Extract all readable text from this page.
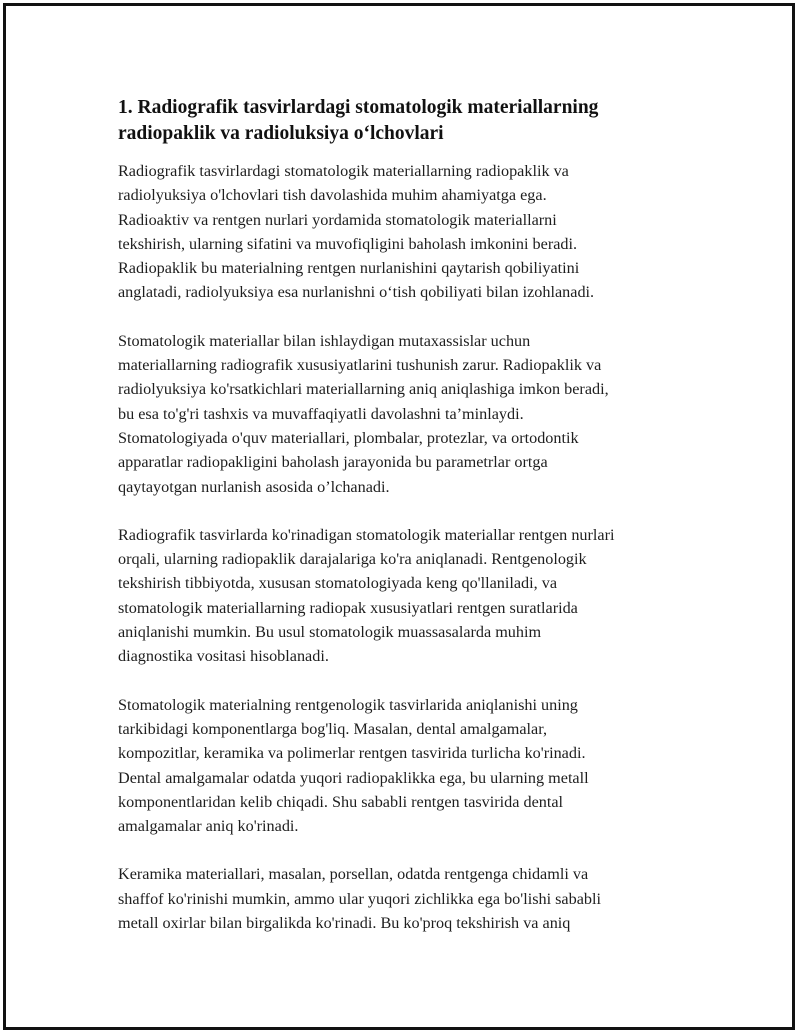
1. Radiografik tasvirlardagi stomatologik materiallarning
radiopaklik va radioluksiya o‘lchovlari

Radiografik tasvirlardagi stomatologik materiallarning radiopaklik va
radiolyuksiya o'lchovlari tish davolashida muhim ahamiyatga ega.
Radioaktiv va rentgen nurlari yordamida stomatologik materiallarni
tekshirish, ularning sifatini va muvofiqligini baholash imkonini beradi.
Radiopaklik bu materialning rentgen nurlanishini qaytarish qobiliyatini
anglatadi, radiolyuksiya esa nurlanishni o‘tish qobiliyati bilan izohlanadi.

Stomatologik materiallar bilan ishlaydigan mutaxassislar uchun
materiallarning radiografik xususiyatlarini tushunish zarur. Radiopaklik va
radiolyuksiya ko'rsatkichlari materiallarning aniq aniqlashiga imkon beradi,
bu esa to'g'ri tashxis va muvaffaqiyatli davolashni ta’minlaydi.
Stomatologiyada o'quv materiallari, plombalar, protezlar, va ortodontik
apparatlar radiopakligini baholash jarayonida bu parametrlar ortga
qaytayotgan nurlanish asosida o’lchanadi.

Radiografik tasvirlarda ko'rinadigan stomatologik materiallar rentgen nurlari
orqali, ularning radiopaklik darajalariga ko'ra aniqlanadi. Rentgenologik
tekshirish tibbiyotda, xususan stomatologiyada keng qo'llaniladi, va
stomatologik materiallarning radiopak xususiyatlari rentgen suratlarida
aniqlanishi mumkin. Bu usul stomatologik muassasalarda muhim
diagnostika vositasi hisoblanadi.

Stomatologik materialning rentgenologik tasvirlarida aniqlanishi uning
tarkibidagi komponentlarga bog'liq. Masalan, dental amalgamalar,
kompozitlar, keramika va polimerlar rentgen tasvirida turlicha ko'rinadi.
Dental amalgamalar odatda yuqori radiopaklikka ega, bu ularning metall
komponentlaridan kelib chiqadi. Shu sababli rentgen tasvirida dental
amalgamalar aniq ko'rinadi.

Keramika materiallari, masalan, porsellan, odatda rentgenga chidamli va
shaffof ko'rinishi mumkin, ammo ular yuqori zichlikka ega bo'lishi sababli
metall oxirlar bilan birgalikda ko'rinadi. Bu ko'proq tekshirish va aniq
